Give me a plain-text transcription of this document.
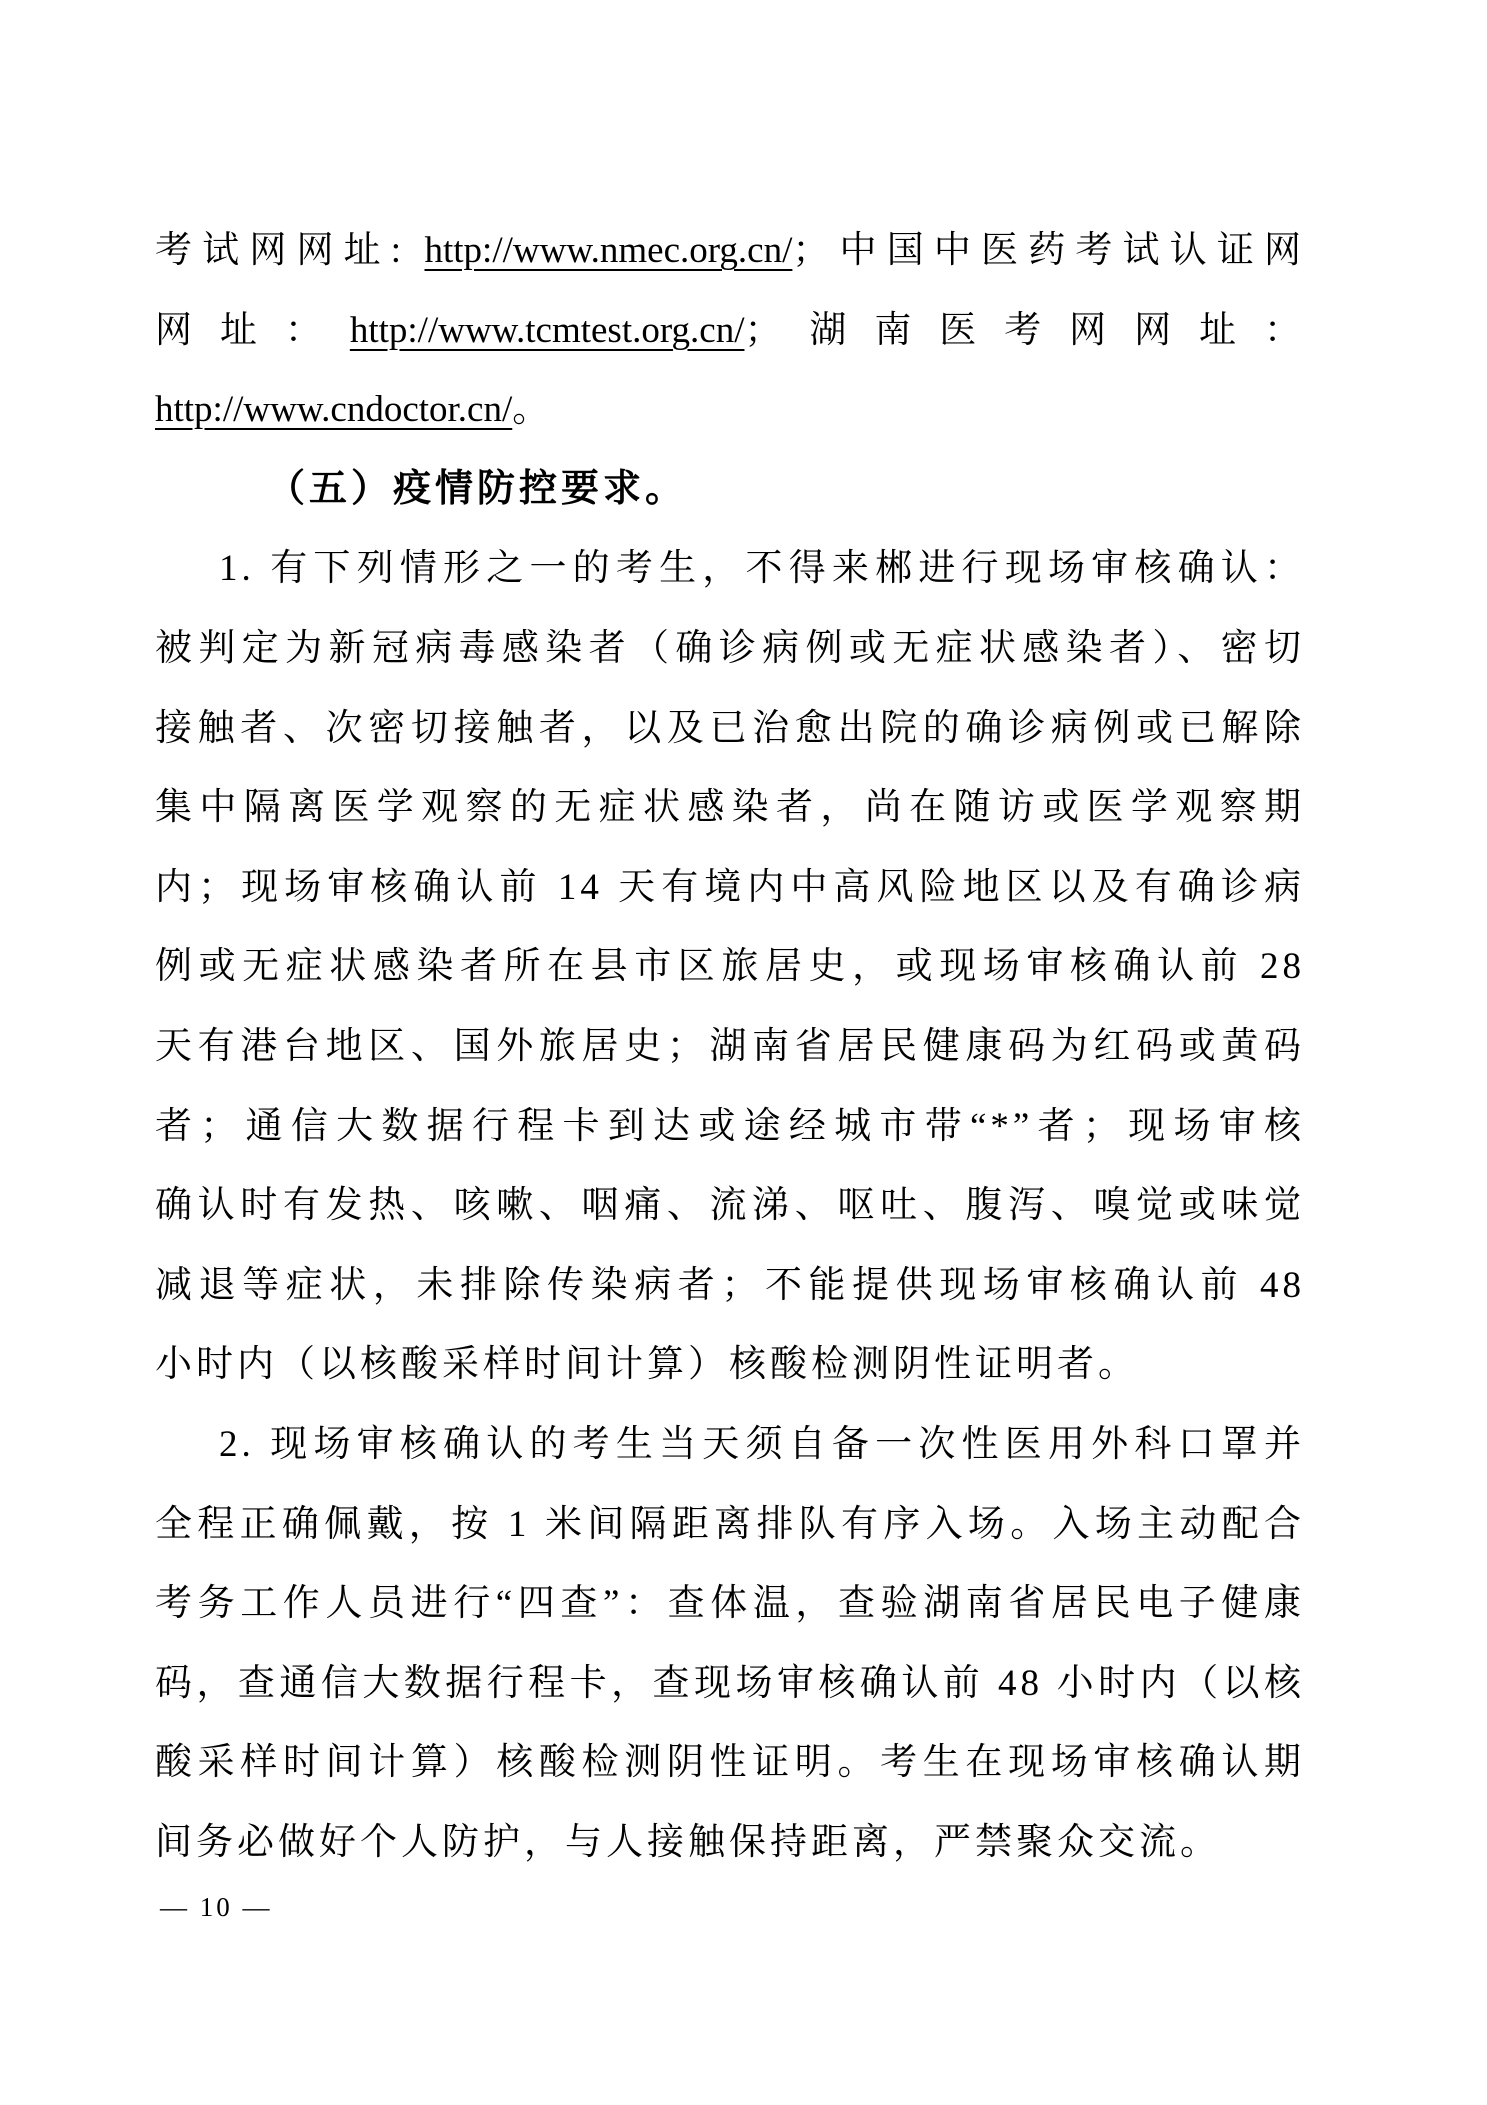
考试网网址: http://www.nmec.org.cn/；中国中医药考试认证网
网址：http://www.tcmtest.org.cn/；湖南医考网网址：
http://www.cndoctor.cn/。
（五）疫情防控要求。
1. 有下列情形之一的考生，不得来郴进行现场审核确认：
被判定为新冠病毒感染者（确诊病例或无症状感染者）、密切
接触者、次密切接触者，以及已治愈出院的确诊病例或已解除
集中隔离医学观察的无症状感染者，尚在随访或医学观察期
内；现场审核确认前 14 天有境内中高风险地区以及有确诊病
例或无症状感染者所在县市区旅居史，或现场审核确认前 28
天有港台地区、国外旅居史；湖南省居民健康码为红码或黄码
者；通信大数据行程卡到达或途经城市带“*”者；现场审核
确认时有发热、咳嗽、咽痛、流涕、呕吐、腹泻、嗅觉或味觉
减退等症状，未排除传染病者；不能提供现场审核确认前 48
小时内（以核酸采样时间计算）核酸检测阴性证明者。
2. 现场审核确认的考生当天须自备一次性医用外科口罩并
全程正确佩戴，按 1 米间隔距离排队有序入场。入场主动配合
考务工作人员进行“四查”：查体温，查验湖南省居民电子健康
码，查通信大数据行程卡，查现场审核确认前 48 小时内（以核
酸采样时间计算）核酸检测阴性证明。考生在现场审核确认期
间务必做好个人防护，与人接触保持距离，严禁聚众交流。
— 10 —
